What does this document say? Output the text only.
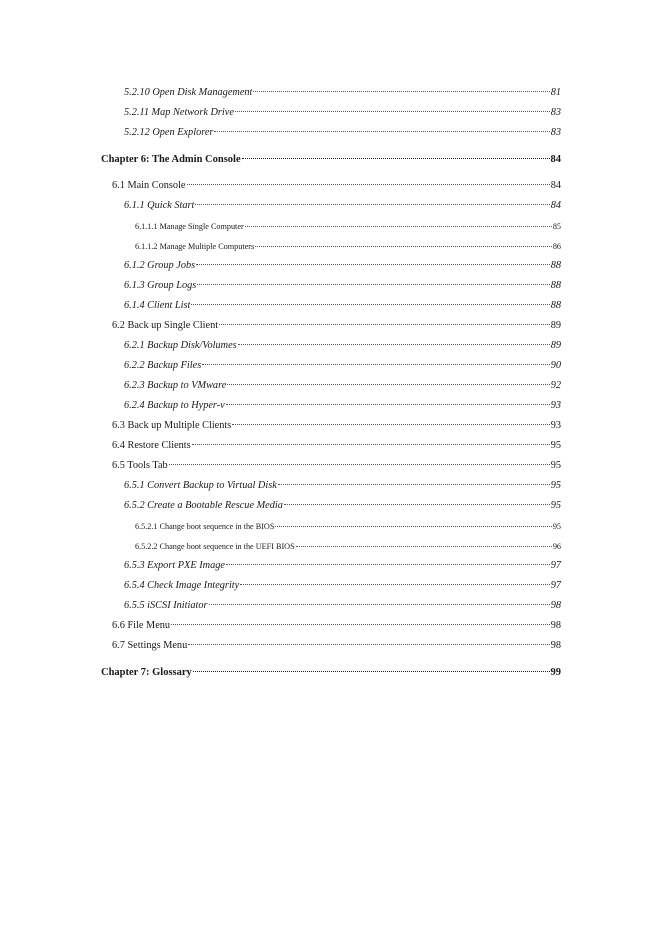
5.2.10 Open Disk Management	81
5.2.11 Map Network Drive	83
5.2.12 Open Explorer	83
Chapter 6: The Admin Console	84
6.1 Main Console	84
6.1.1 Quick Start	84
6.1.1.1 Manage Single Computer	85
6.1.1.2 Manage Multiple Computers	86
6.1.2 Group Jobs	88
6.1.3 Group Logs	88
6.1.4 Client List	88
6.2 Back up Single Client	89
6.2.1 Backup Disk/Volumes	89
6.2.2 Backup Files	90
6.2.3 Backup to VMware	92
6.2.4 Backup to Hyper-v	93
6.3 Back up Multiple Clients	93
6.4 Restore Clients	95
6.5 Tools Tab	95
6.5.1 Convert Backup to Virtual Disk	95
6.5.2 Create a Bootable Rescue Media	95
6.5.2.1 Change boot sequence in the BIOS	95
6.5.2.2 Change boot sequence in the UEFI BIOS	96
6.5.3 Export PXE Image	97
6.5.4 Check Image Integrity	97
6.5.5 iSCSI Initiator	98
6.6 File Menu	98
6.7 Settings Menu	98
Chapter 7: Glossary	99
